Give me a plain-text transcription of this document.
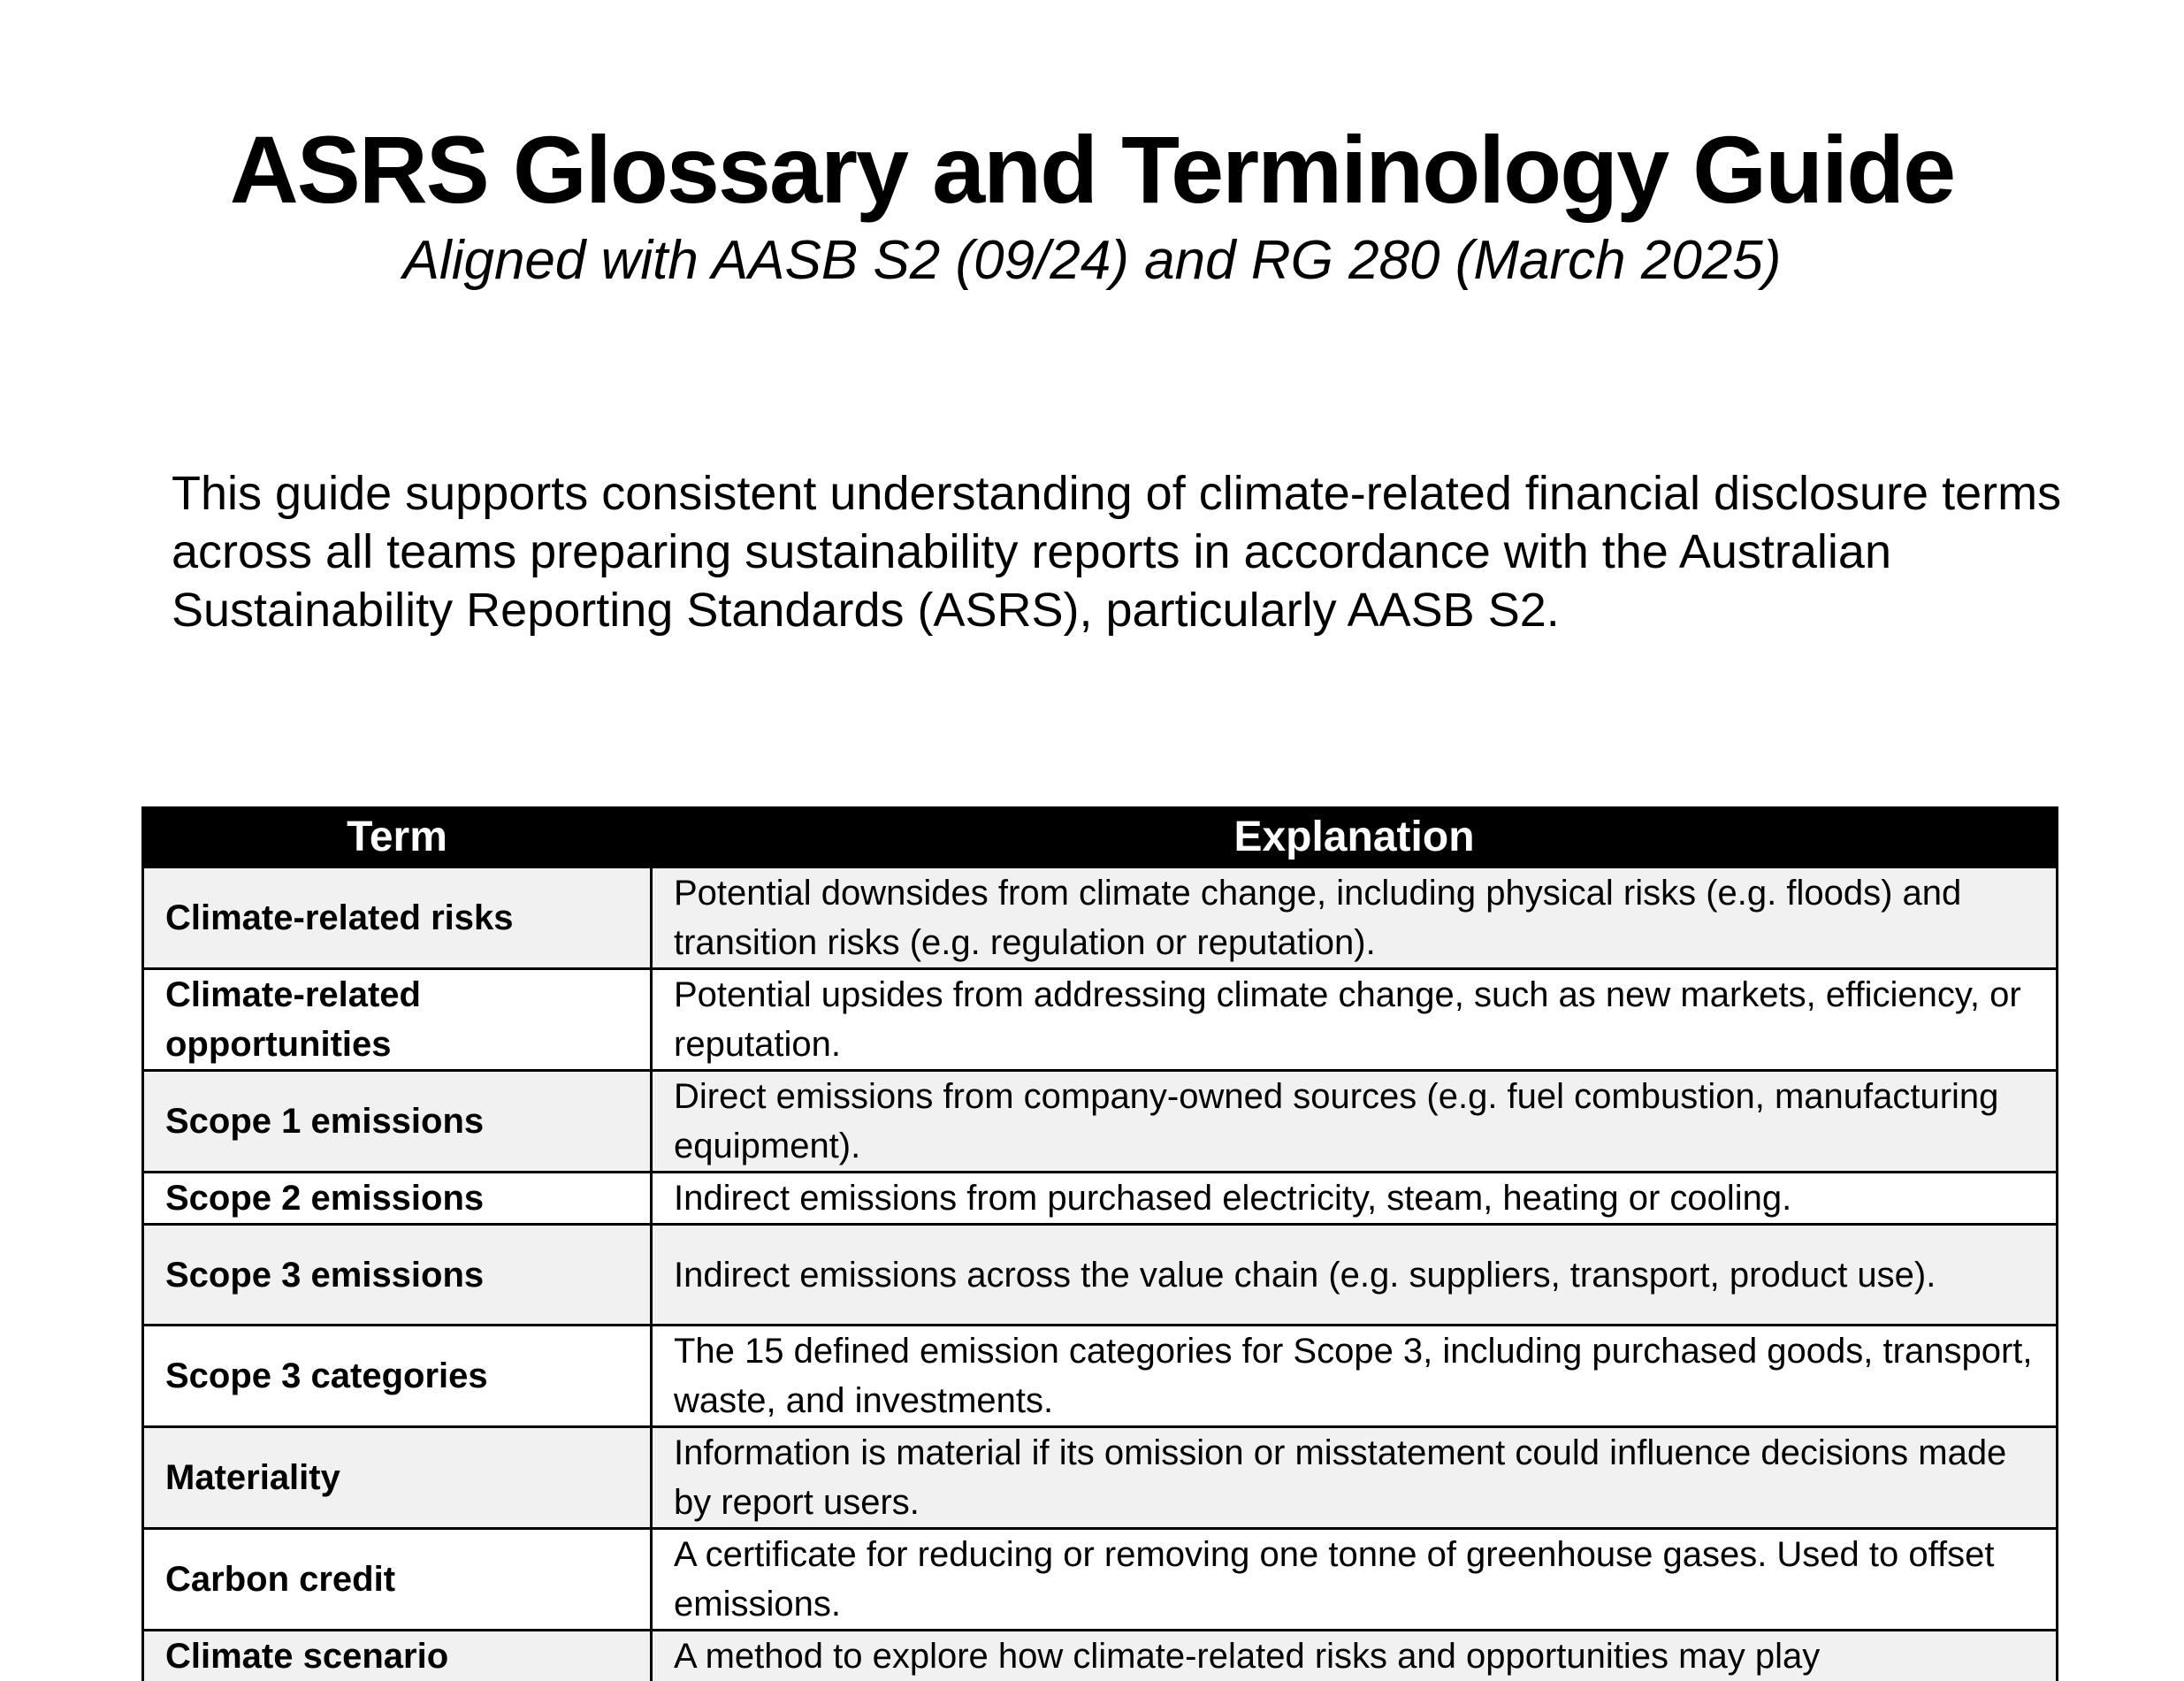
ASRS Glossary and Terminology Guide

Aligned with AASB S2 (09/24) and RG 280 (March 2025)

This guide supports consistent understanding of climate-related financial disclosure terms across all teams preparing sustainability reports in accordance with the Australian Sustainability Reporting Standards (ASRS), particularly AASB S2.

Term	Explanation
Climate-related risks	Potential downsides from climate change, including physical risks (e.g. floods) and transition risks (e.g. regulation or reputation).
Climate-related opportunities	Potential upsides from addressing climate change, such as new markets, efficiency, or reputation.
Scope 1 emissions	Direct emissions from company-owned sources (e.g. fuel combustion, manufacturing equipment).
Scope 2 emissions	Indirect emissions from purchased electricity, steam, heating or cooling.
Scope 3 emissions	Indirect emissions across the value chain (e.g. suppliers, transport, product use).
Scope 3 categories	The 15 defined emission categories for Scope 3, including purchased goods, transport, waste, and investments.
Materiality	Information is material if its omission or misstatement could influence decisions made by report users.
Carbon credit	A certificate for reducing or removing one tonne of greenhouse gases. Used to offset emissions.
Climate scenario	A method to explore how climate-related risks and opportunities may play
